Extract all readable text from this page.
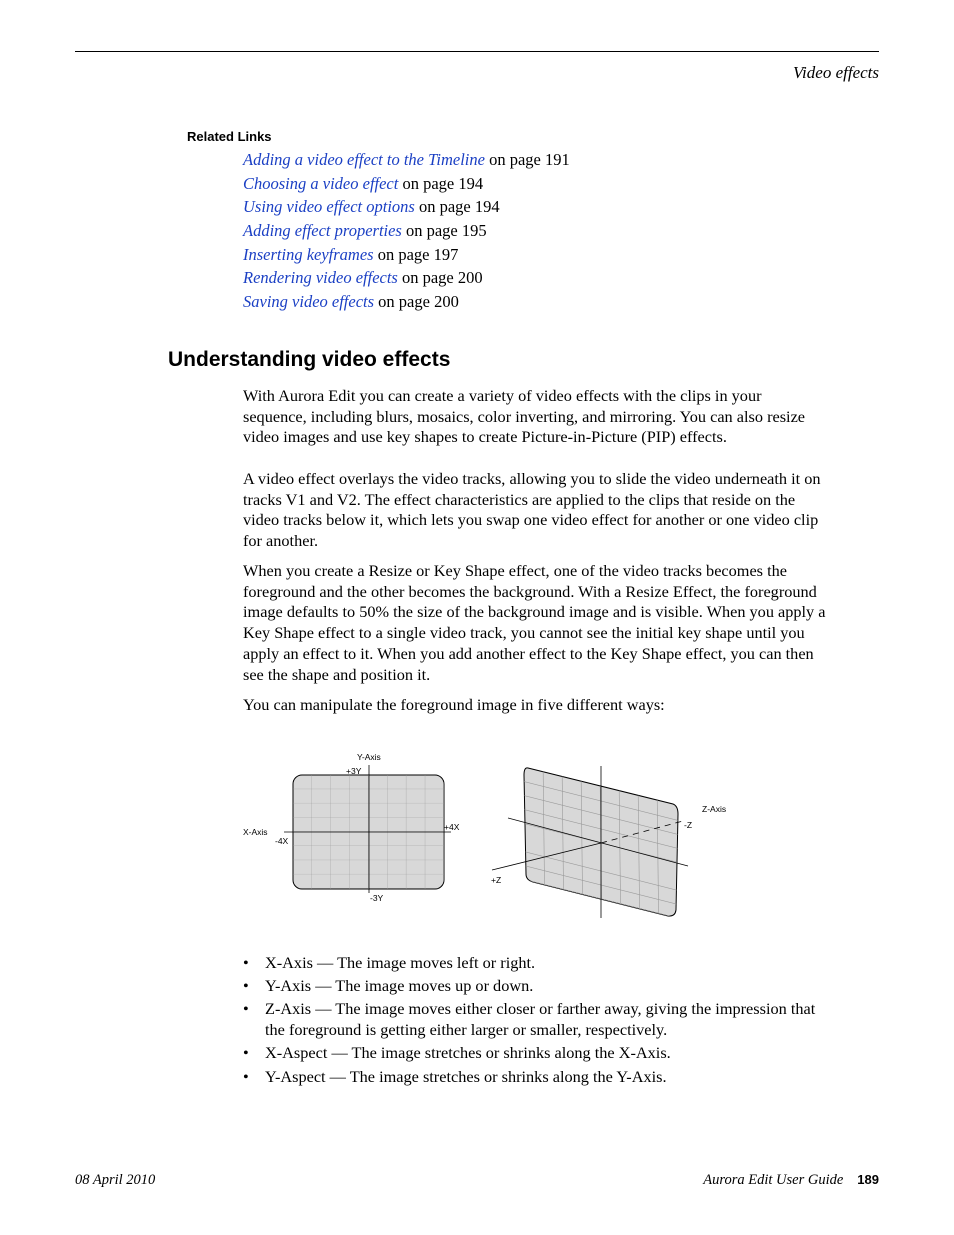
Video effects
Related Links
Adding a video effect to the Timeline on page 191
Choosing a video effect on page 194
Using video effect options on page 194
Adding effect properties on page 195
Inserting keyframes on page 197
Rendering video effects on page 200
Saving video effects on page 200
Understanding video effects

With Aurora Edit you can create a variety of video effects with the clips in your sequence, including blurs, mosaics, color inverting, and mirroring. You can also resize video images and use key shapes to create Picture-in-Picture (PIP) effects.

A video effect overlays the video tracks, allowing you to slide the video underneath it on tracks V1 and V2. The effect characteristics are applied to the clips that reside on the video tracks below it, which lets you swap one video effect for another or one video clip for another.

When you create a Resize or Key Shape effect, one of the video tracks becomes the foreground and the other becomes the background. With a Resize Effect, the foreground image defaults to 50% the size of the background image and is visible. When you apply a Key Shape effect to a single video track, you cannot see the initial key shape until you apply an effect to it. When you add another effect to the Key Shape effect, you can then see the shape and position it.

You can manipulate the foreground image in five different ways:

Y-Axis
+3Y
-3Y
X-Axis
-4X
+4X
Z-Axis
-Z
+Z
• X-Axis — The image moves left or right.
• Y-Axis — The image moves up or down.
• Z-Axis — The image moves either closer or farther away, giving the impression that the foreground is getting either larger or smaller, respectively.
• X-Aspect — The image stretches or shrinks along the X-Axis.
• Y-Aspect — The image stretches or shrinks along the Y-Axis.
08 April 2010	Aurora Edit User Guide 189
